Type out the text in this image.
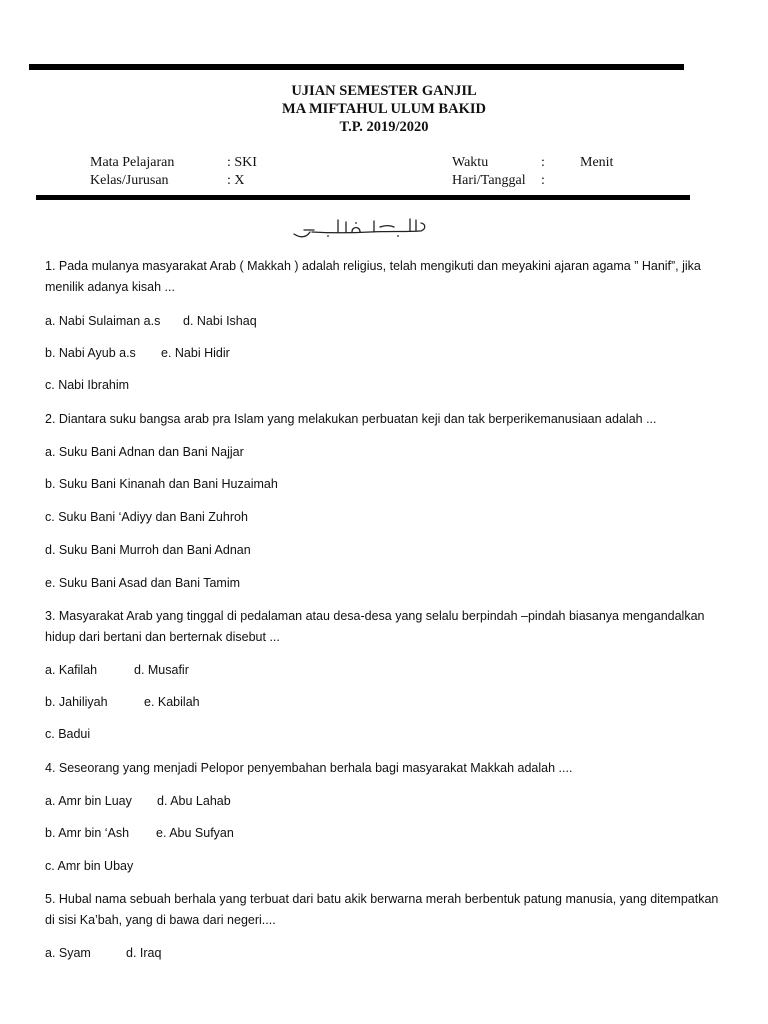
UJIAN SEMESTER GANJIL
MA MIFTAHUL ULUM BAKID
T.P. 2019/2020
Mata Pelajaran	: SKI
Kelas/Jurusan	: X
Waktu	:	Menit
Hari/Tanggal :
1. Pada mulanya masyarakat Arab ( Makkah ) adalah religius, telah mengikuti dan meyakini ajaran agama ” Hanif”, jika menilik adanya kisah ...
a. Nabi Sulaiman a.s d. Nabi Ishaq
b. Nabi Ayub a.s e. Nabi Hidir
c. Nabi Ibrahim
2. Diantara suku bangsa arab pra Islam yang melakukan perbuatan keji dan tak berperikemanusiaan adalah ...
a. Suku Bani Adnan dan Bani Najjar
b. Suku Bani Kinanah dan Bani Huzaimah
c. Suku Bani ‘Adiyy dan Bani Zuhroh
d. Suku Bani Murroh dan Bani Adnan
e. Suku Bani Asad dan Bani Tamim
3. Masyarakat Arab yang tinggal di pedalaman atau desa-desa yang selalu berpindah –pindah biasanya mengandalkan hidup dari bertani dan berternak disebut ...
a. Kafilah	d. Musafir
b. Jahiliyah	e. Kabilah
c. Badui
4. Seseorang yang menjadi Pelopor penyembahan berhala bagi masyarakat Makkah adalah ....
a. Amr bin Luay d. Abu Lahab
b. Amr bin ‘Ash e. Abu Sufyan
c. Amr bin Ubay
5. Hubal nama sebuah berhala yang terbuat dari batu akik berwarna merah berbentuk patung manusia, yang ditempatkan di sisi Ka’bah, yang di bawa dari negeri....
a. Syam	d. Iraq
